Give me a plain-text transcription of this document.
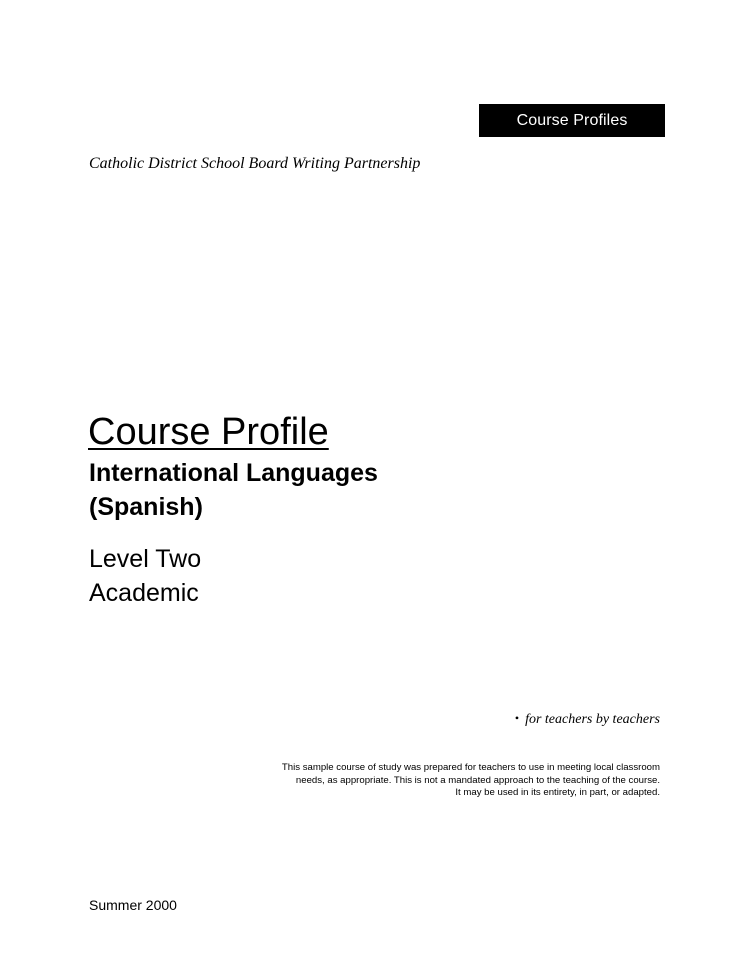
Course Profiles
Catholic District School Board Writing Partnership
Course Profile
International Languages
(Spanish)
Level Two
Academic
• for teachers by teachers
This sample course of study was prepared for teachers to use in meeting local classroom
needs, as appropriate. This is not a mandated approach to the teaching of the course.
It may be used in its entirety, in part, or adapted.
Summer 2000
